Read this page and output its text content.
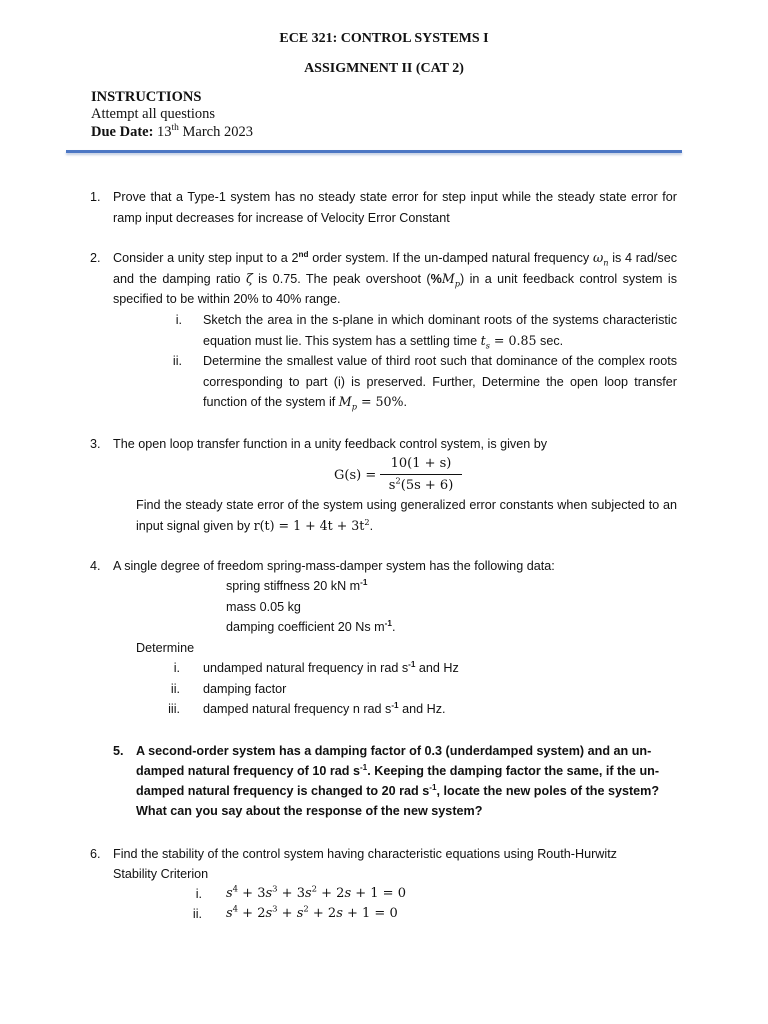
ECE 321: CONTROL SYSTEMS I
ASSIGMNENT II (CAT 2)
INSTRUCTIONS
Attempt all questions
Due Date: 13th March 2023
1. Prove that a Type-1 system has no steady state error for step input while the steady state error for ramp input decreases for increase of Velocity Error Constant
2. Consider a unity step input to a 2nd order system. If the un-damped natural frequency $\omega_n$ is 4 rad/sec and the damping ratio ζ is 0.75. The peak overshoot $(\%M_p)$ in a unit feedback control system is specified to be within 20% to 40% range.
i. Sketch the area in the s-plane in which dominant roots of the systems characteristic equation must lie. This system has a settling time $t_s = 0.85$ sec.
ii. Determine the smallest value of third root such that dominance of the complex roots corresponding to part (i) is preserved. Further, Determine the open loop transfer function of the system if $M_p = 50\%$.
3. The open loop transfer function in a unity feedback control system, is given by
G(s) =
10(1 + s)
$s^2(5s + 6)$
Find the steady state error of the system using generalized error constants when subjected to an input signal given by $r(t) = 1 + 4t + 3t^2$.
4. A single degree of freedom spring-mass-damper system has the following data:
spring stiffness 20 kN $m^{-1}$
mass 0.05 kg
damping coefficient 20 Ns $m^{-1}$.
Determine
i. undamped natural frequency in rad $s^{-1}$ and Hz
ii. damping factor
iii. damped natural frequency n rad $s^{-1}$ and Hz.
5. A second-order system has a damping factor of 0.3 (underdamped system) and an un-
damped natural frequency of 10 rad $s^{-1}$. Keeping the damping factor the same, if the un-
damped natural frequency is changed to 20 rad $s^{-1}$, locate the new poles of the system?
What can you say about the response of the new system?
6. Find the stability of the control system having characteristic equations using Routh-Hurwitz
Stability Criterion
i. $s^4 + 3s^3 + 3s^2 + 2s + 1 = 0$
ii. $s^4 + 2s^3 + s^2 + 2s + 1 = 0$
